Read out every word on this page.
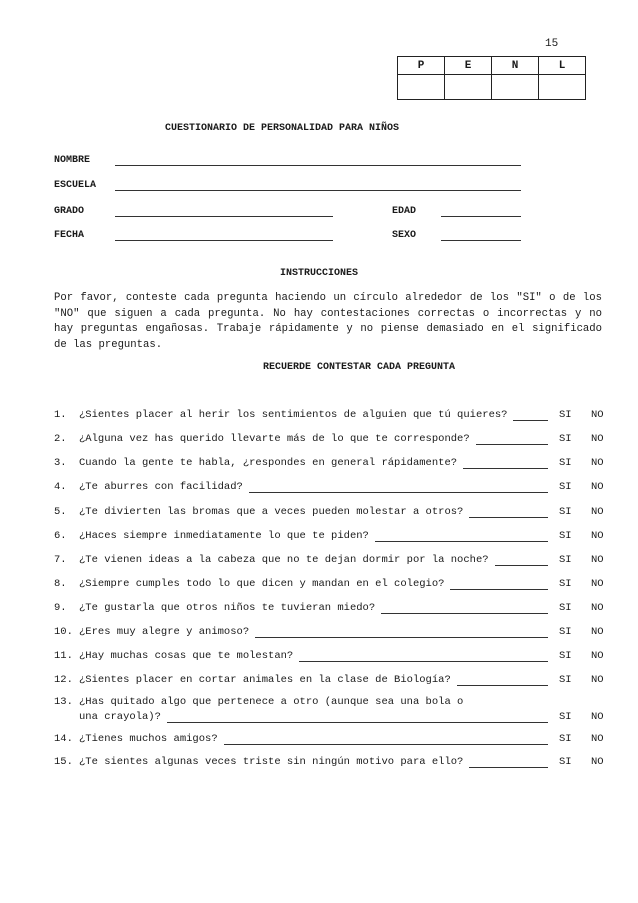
15
P	E	N	L

CUESTIONARIO DE PERSONALIDAD PARA NIÑOS
NOMBRE
ESCUELA
GRADO	EDAD
FECHA	SEXO
INSTRUCCIONES
Por favor, conteste cada pregunta haciendo un círculo alrededor de los "SI" o de los "NO" que siguen a cada pregunta. No hay contestaciones correctas o incorrectas y no hay preguntas engañosas. Trabaje rápidamente y no piense demasiado en el significado de las preguntas.
RECUERDE CONTESTAR CADA PREGUNTA
1. ¿Sientes placer al herir los sentimientos de alguien que tú quieres?	SI NO
2. ¿Alguna vez has querido llevarte más de lo que te corresponde?	SI NO
3. Cuando la gente te habla, ¿respondes en general rápidamente?	SI NO
4. ¿Te aburres con facilidad?	SI NO
5. ¿Te divierten las bromas que a veces pueden molestar a otros?	SI NO
6. ¿Haces siempre inmediatamente lo que te piden?	SI NO
7. ¿Te vienen ideas a la cabeza que no te dejan dormir por la noche?	SI NO
8. ¿Siempre cumples todo lo que dicen y mandan en el colegio?	SI NO
9. ¿Te gustarla que otros niños te tuvieran miedo?	SI NO
10. ¿Eres muy alegre y animoso?	SI NO
11. ¿Hay muchas cosas que te molestan?	SI NO
12. ¿Sientes placer en cortar animales en la clase de Biología?	SI NO
13. ¿Has quitado algo que pertenece a otro (aunque sea una bola o
una crayola)?	SI NO
14. ¿Tienes muchos amigos?	SI NO
15. ¿Te sientes algunas veces triste sin ningún motivo para ello?	SI NO
